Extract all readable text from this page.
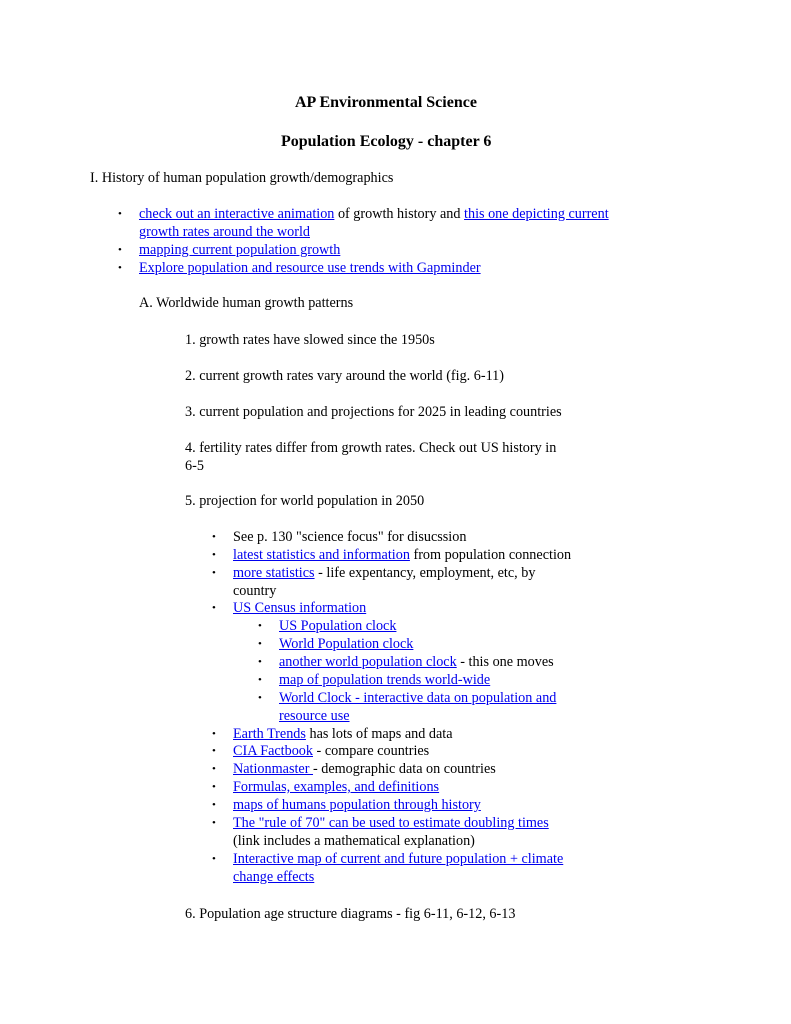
AP Environmental Science
Population Ecology - chapter 6
I. History of human population growth/demographics
•
check out an interactive animation of growth history and this one depicting current
growth rates around the world
•
mapping current population growth
•
Explore population and resource use trends with Gapminder
A. Worldwide human growth patterns
1. growth rates have slowed since the 1950s
2. current growth rates vary around the world (fig. 6-11)
3. current population and projections for 2025 in leading countries
4. fertility rates differ from growth rates. Check out US history in
6-5
5. projection for world population in 2050
•
See p. 130 "science focus" for disucssion
•
latest statistics and information from population connection
•
more statistics - life expentancy, employment, etc, by
country
•
US Census information
•
US Population clock
•
World Population clock
•
another world population clock - this one moves
•
map of population trends world-wide
•
World Clock - interactive data on population and
resource use
•
Earth Trends has lots of maps and data
•
CIA Factbook - compare countries
•
Nationmaster - demographic data on countries
•
Formulas, examples, and definitions
•
maps of humans population through history
•
The "rule of 70" can be used to estimate doubling times
(link includes a mathematical explanation)
•
Interactive map of current and future population + climate
change effects
6. Population age structure diagrams - fig 6-11, 6-12, 6-13
